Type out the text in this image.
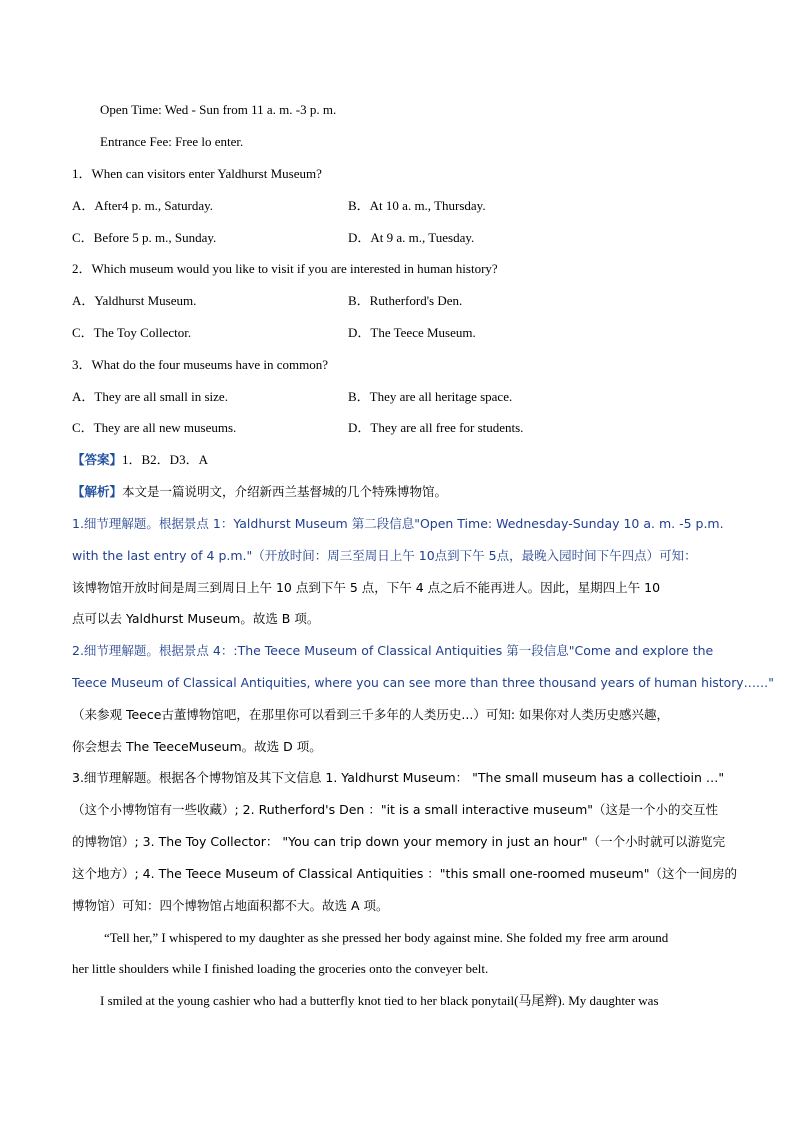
Open Time: Wed - Sun from 11 a. m. -3 p. m.
Entrance Fee: Free lo enter.
1．When can visitors enter Yaldhurst Museum?
A．After4 p. m., Saturday.	B．At 10 a. m., Thursday.
C．Before 5 p. m., Sunday.	D．At 9 a. m., Tuesday.
2．Which museum would you like to visit if you are interested in human history?
A．Yaldhurst Museum.	B．Rutherford's Den.
C．The Toy Collector.	D．The Teece Museum.
3．What do the four museums have in common?
A．They are all small in size.	B．They are all heritage space.
C．They are all new museums.	D．They are all free for students.
【答案】1．B2．D3．A
【解析】本文是一篇说明文，介绍新西兰基督城的几个特殊博物馆。
1.细节理解题。根据景点 1：Yaldhurst Museum 第二段信息"Open Time: Wednesday-Sunday 10 a. m. -5 p.m.
with the last entry of 4 p.m."（开放时间：周三至周日上午 10点到下午 5点，最晚入园时间下午四点）可知：
该博物馆开放时间是周三到周日上午 10 点到下午 5 点，下午 4 点之后不能再进人。因此，星期四上午 10
点可以去 Yaldhurst Museum。故选 B 项。
2.细节理解题。根据景点 4：:The Teece Museum of Classical Antiquities 第一段信息"Come and explore the
Teece Museum of Classical Antiquities, where you can see more than three thousand years of human history……"
（来参观 Teece古董博物馆吧，在那里你可以看到三千多年的人类历史...）可知: 如果你对人类历史感兴趣，
你会想去 The TeeceMuseum。故选 D 项。
3.细节理解题。根据各个博物馆及其下文信息 1. Yaldhurst Museum： "The small museum has a collectioin …"
（这个小博物馆有一些收藏）; 2. Rutherford's Den ："it is a small interactive museum"（这是一个小的交互性
的博物馆）; 3. The Toy Collector： "You can trip down your memory in just an hour"（一个小时就可以游览完
这个地方）; 4. The Teece Museum of Classical Antiquities ："this small one-roomed museum"（这个一间房的
博物馆）可知：四个博物馆占地面积都不大。故选 A 项。
“Tell her,” I whispered to my daughter as she pressed her body against mine. She folded my free arm around
her little shoulders while I finished loading the groceries onto the conveyer belt.
I smiled at the young cashier who had a butterfly knot tied to her black ponytail(马尾辫). My daughter was
